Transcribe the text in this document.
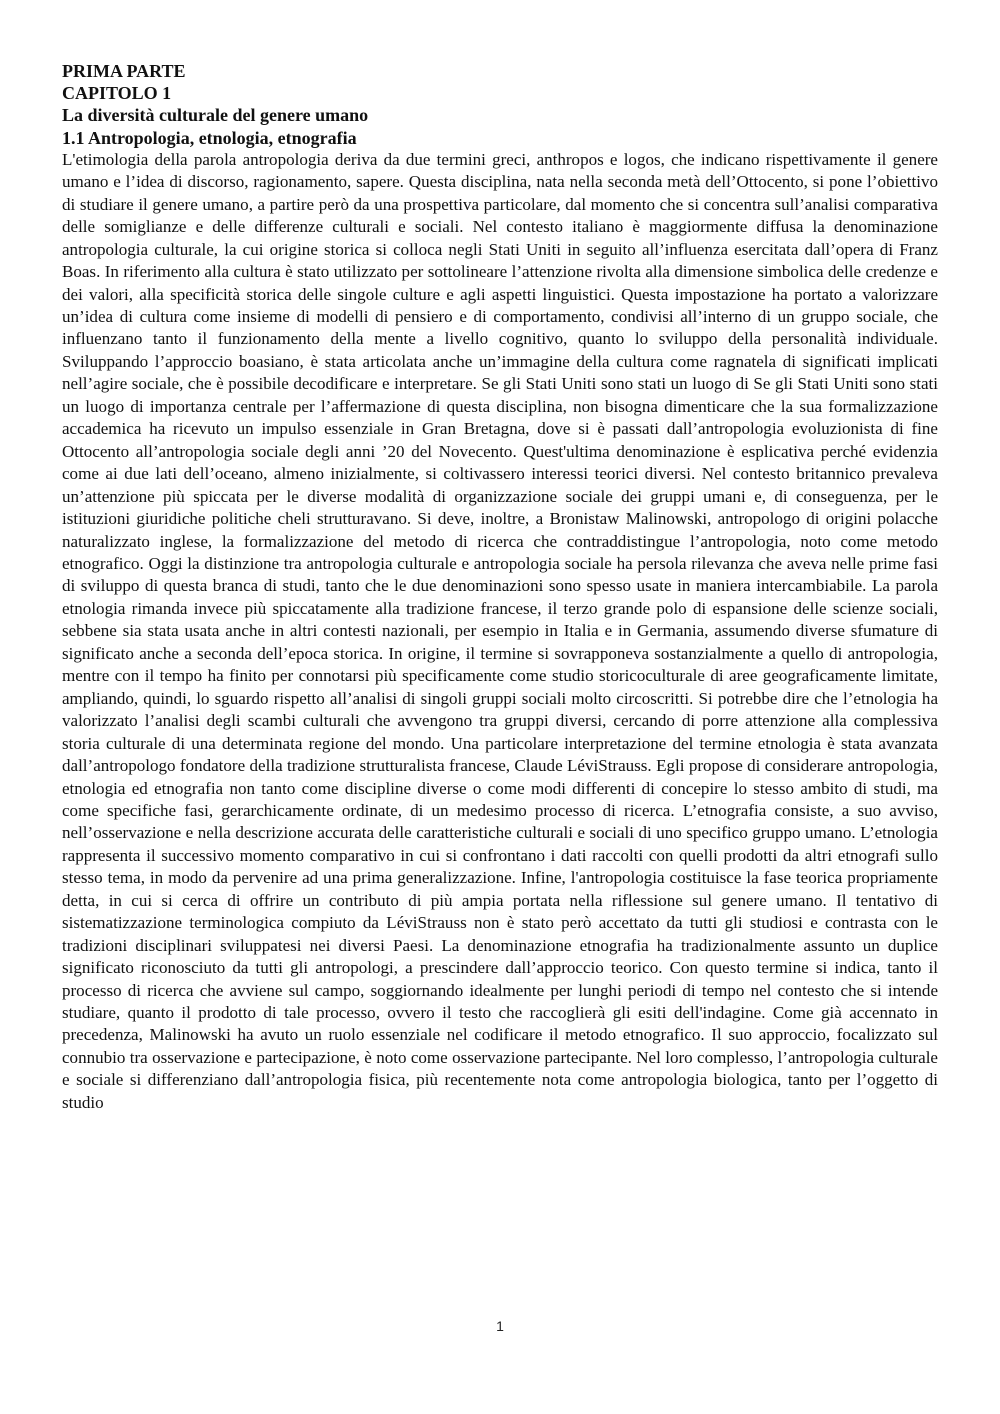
PRIMA PARTE

CAPITOLO 1

La diversità culturale del genere umano

1.1 Antropologia, etnologia, etnografia

L'etimologia della parola antropologia deriva da due termini greci, anthropos e logos, che indicano rispettivamente il genere umano e l’idea di discorso, ragionamento, sapere. Questa disciplina, nata nella seconda metà dell’Ottocento, si pone l’obiettivo di studiare il genere umano, a partire però da una prospettiva particolare, dal momento che si concentra sull’analisi comparativa delle somiglianze e delle differenze culturali e sociali. Nel contesto italiano è maggiormente diffusa la denominazione antropologia culturale, la cui origine storica si colloca negli Stati Uniti in seguito all’influenza esercitata dall’opera di Franz Boas. In riferimento alla cultura è stato utilizzato per sottolineare l’attenzione rivolta alla dimensione simbolica delle credenze e dei valori, alla specificità storica delle singole culture e agli aspetti linguistici. Questa impostazione ha portato a valorizzare un’idea di cultura come insieme di modelli di pensiero e di comportamento, condivisi all’interno di un gruppo sociale, che influenzano tanto il funzionamento della mente a livello cognitivo, quanto lo sviluppo della personalità individuale. Sviluppando l’approccio boasiano, è stata articolata anche un’immagine della cultura come ragnatela di significati implicati nell’agire sociale, che è possibile decodificare e interpretare. Se gli Stati Uniti sono stati un luogo di Se gli Stati Uniti sono stati un luogo di importanza centrale per l’affermazione di questa disciplina, non bisogna dimenticare che la sua formalizzazione accademica ha ricevuto un impulso essenziale in Gran Bretagna, dove si è passati dall’antropologia evoluzionista di fine Ottocento all’antropologia sociale degli anni ’20 del Novecento. Quest'ultima denominazione è esplicativa perché evidenzia come ai due lati dell’oceano, almeno inizialmente, si coltivassero interessi teorici diversi. Nel contesto britannico prevaleva un’attenzione più spiccata per le diverse modalità di organizzazione sociale dei gruppi umani e, di conseguenza, per le istituzioni giuridiche politiche cheli strutturavano. Si deve, inoltre, a Bronistaw Malinowski, antropologo di origini polacche naturalizzato inglese, la formalizzazione del metodo di ricerca che contraddistingue l’antropologia, noto come metodo etnografico. Oggi la distinzione tra antropologia culturale e antropologia sociale ha persola rilevanza che aveva nelle prime fasi di sviluppo di questa branca di studi, tanto che le due denominazioni sono spesso usate in maniera intercambiabile. La parola etnologia rimanda invece più spiccatamente alla tradizione francese, il terzo grande polo di espansione delle scienze sociali, sebbene sia stata usata anche in altri contesti nazionali, per esempio in Italia e in Germania, assumendo diverse sfumature di significato anche a seconda dell’epoca storica. In origine, il termine si sovrapponeva sostanzialmente a quello di antropologia, mentre con il tempo ha finito per connotarsi più specificamente come studio storicoculturale di aree geograficamente limitate, ampliando, quindi, lo sguardo rispetto all’analisi di singoli gruppi sociali molto circoscritti. Si potrebbe dire che l’etnologia ha valorizzato l’analisi degli scambi culturali che avvengono tra gruppi diversi, cercando di porre attenzione alla complessiva storia culturale di una determinata regione del mondo. Una particolare interpretazione del termine etnologia è stata avanzata dall’antropologo fondatore della tradizione strutturalista francese, Claude LéviStrauss. Egli propose di considerare antropologia, etnologia ed etnografia non tanto come discipline diverse o come modi differenti di concepire lo stesso ambito di studi, ma come specifiche fasi, gerarchicamente ordinate, di un medesimo processo di ricerca. L’etnografia consiste, a suo avviso, nell’osservazione e nella descrizione accurata delle caratteristiche culturali e sociali di uno specifico gruppo umano. L’etnologia rappresenta il successivo momento comparativo in cui si confrontano i dati raccolti con quelli prodotti da altri etnografi sullo stesso tema, in modo da pervenire ad una prima generalizzazione. Infine, l'antropologia costituisce la fase teorica propriamente detta, in cui si cerca di offrire un contributo di più ampia portata nella riflessione sul genere umano. Il tentativo di sistematizzazione terminologica compiuto da LéviStrauss non è stato però accettato da tutti gli studiosi e contrasta con le tradizioni disciplinari sviluppatesi nei diversi Paesi. La denominazione etnografia ha tradizionalmente assunto un duplice significato riconosciuto da tutti gli antropologi, a prescindere dall’approccio teorico. Con questo termine si indica, tanto il processo di ricerca che avviene sul campo, soggiornando idealmente per lunghi periodi di tempo nel contesto che si intende studiare, quanto il prodotto di tale processo, ovvero il testo che raccoglierà gli esiti dell'indagine. Come già accennato in precedenza, Malinowski ha avuto un ruolo essenziale nel codificare il metodo etnografico. Il suo approccio, focalizzato sul connubio tra osservazione e partecipazione, è noto come osservazione partecipante. Nel loro complesso, l’antropologia culturale e sociale si differenziano dall’antropologia fisica, più recentemente nota come antropologia biologica, tanto per l’oggetto di studio

1
